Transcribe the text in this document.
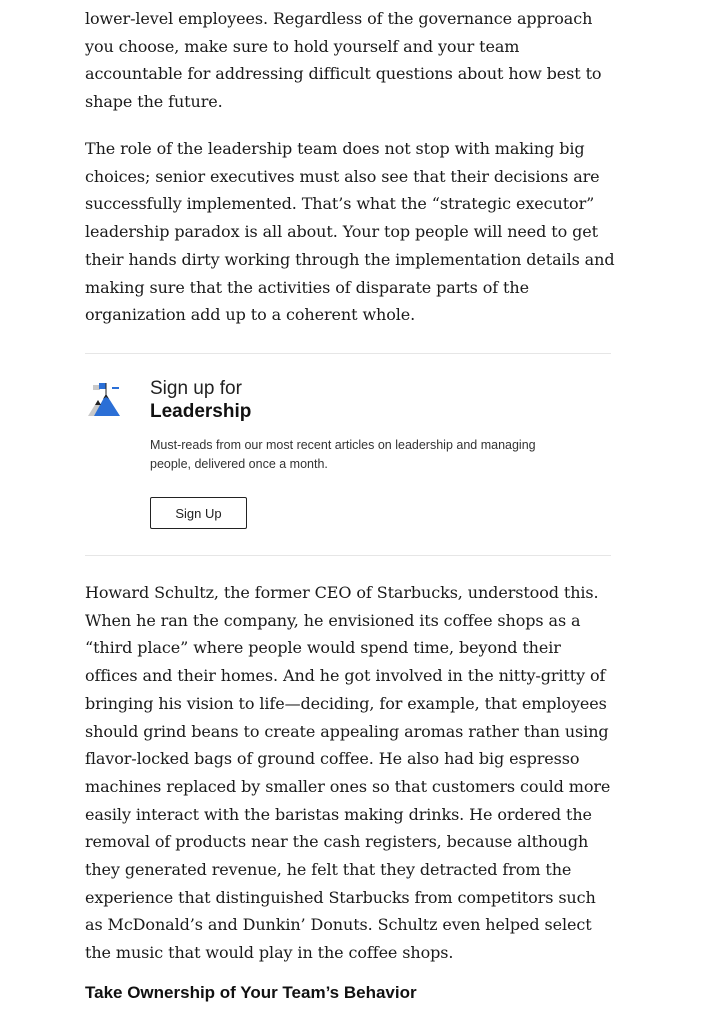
lower-level employees. Regardless of the governance approach you choose, make sure to hold yourself and your team accountable for addressing difficult questions about how best to shape the future.

The role of the leadership team does not stop with making big choices; senior executives must also see that their decisions are successfully implemented. That’s what the “strategic executor” leadership paradox is all about. Your top people will need to get their hands dirty working through the implementation details and making sure that the activities of disparate parts of the organization add up to a coherent whole.

Sign up for
Leadership
Must-reads from our most recent articles on leadership and managing people, delivered once a month.
Sign Up

Howard Schultz, the former CEO of Starbucks, understood this. When he ran the company, he envisioned its coffee shops as a “third place” where people would spend time, beyond their offices and their homes. And he got involved in the nitty-gritty of bringing his vision to life—deciding, for example, that employees should grind beans to create appealing aromas rather than using flavor-locked bags of ground coffee. He also had big espresso machines replaced by smaller ones so that customers could more easily interact with the baristas making drinks. He ordered the removal of products near the cash registers, because although they generated revenue, he felt that they detracted from the experience that distinguished Starbucks from competitors such as McDonald’s and Dunkin’ Donuts. Schultz even helped select the music that would play in the coffee shops.

Take Ownership of Your Team’s Behavior
